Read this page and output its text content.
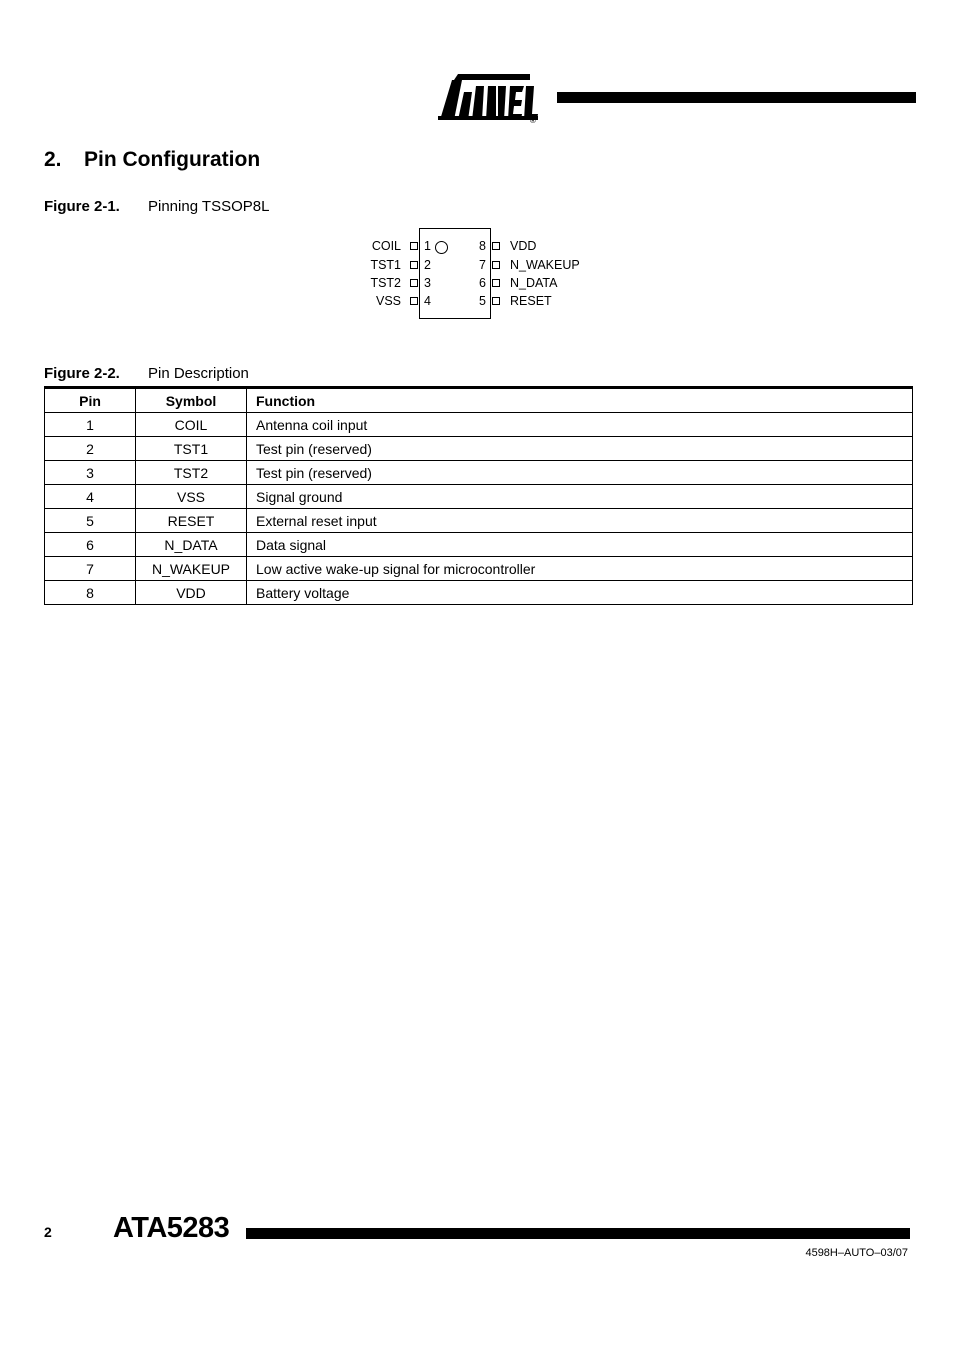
®
2. Pin Configuration
Figure 2-1. Pinning TSSOP8L
COIL 1
TST1 2
TST2 3
VSS 4
8 VDD
7 N_WAKEUP
6 N_DATA
5 RESET
Figure 2-2. Pin Description
Pin	Symbol	Function
1	COIL	Antenna coil input
2	TST1	Test pin (reserved)
3	TST2	Test pin (reserved)
4	VSS	Signal ground
5	RESET	External reset input
6	N_DATA	Data signal
7	N_WAKEUP	Low active wake-up signal for microcontroller
8	VDD	Battery voltage
2 ATA5283
4598H–AUTO–03/07
